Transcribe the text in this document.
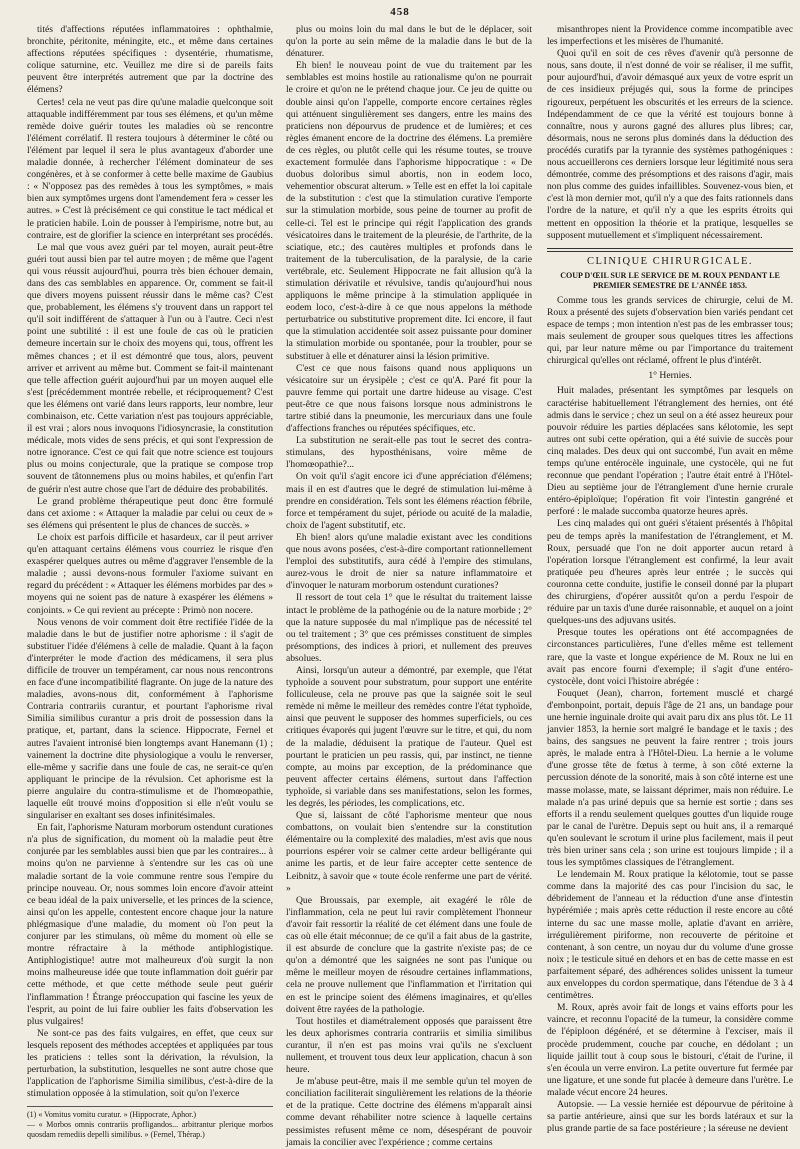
458

tités d'affections réputées inflammatoires : ophthalmie, bronchite, péritonite, méningite, etc., et même dans certaines affections réputées spécifiques : dysentérie, rhumatisme, colique saturnine, etc. Veuillez me dire si de pareils faits peuvent être interprétés autrement que par la doctrine des élémens?

Certes! cela ne veut pas dire qu'une maladie quelconque soit attaquable indifféremment par tous ses élémens, et qu'un même remède doive guérir toutes les maladies où se rencontre l'élément corrélatif. Il restera toujours à déterminer le côté ou l'élément par lequel il sera le plus avantageux d'aborder une maladie donnée, à rechercher l'élément dominateur de ses congénères, et à se conformer à cette belle maxime de Gaubius : « N'opposez pas des remèdes à tous les symptômes, » mais bien aux symptômes urgens dont l'amendement fera » cesser les autres. » C'est là précisément ce qui constitue le tact médical et le praticien habile. Loin de pousser à l'empirisme, notre but, au contraire, est de glorifier la science en interprétant ses procédés.

Le mal que vous avez guéri par tel moyen, aurait peut-être guéri tout aussi bien par tel autre moyen ; de même que l'agent qui vous réussit aujourd'hui, pourra très bien échouer demain, dans des cas semblables en apparence. Or, comment se fait-il que divers moyens puissent réussir dans le même cas? C'est que, probablement, les élémens s'y trouvent dans un rapport tel qu'il soit indifférent de s'attaquer à l'un ou à l'autre. Ceci n'est point une subtilité : il est une foule de cas où le praticien demeure incertain sur le choix des moyens qui, tous, offrent les mêmes chances ; et il est démontré que tous, alors, peuvent arriver et arrivent au même but. Comment se fait-il maintenant que telle affection guérit aujourd'hui par un moyen auquel elle s'est [précédemment montrée rebelle, et réciproquement? C'est que les élémens ont varié dans leurs rapports, leur nombre, leur combinaison, etc. Cette variation n'est pas toujours appréciable, il est vrai ; alors nous invoquons l'idiosyncrasie, la constitution médicale, mots vides de sens précis, et qui sont l'expression de notre ignorance. C'est ce qui fait que notre science est toujours plus ou moins conjecturale, que la pratique se compose trop souvent de tâtonnemens plus ou moins habiles, et qu'enfin l'art de guérir n'est autre chose que l'art de déduire des probabilités.

Le grand problème thérapeutique peut donc être formulé dans cet axiome : « Attaquer la maladie par celui ou ceux de » ses élémens qui présentent le plus de chances de succès. »

Le choix est parfois difficile et hasardeux, car il peut arriver qu'en attaquant certains élémens vous courriez le risque d'en exaspérer quelques autres ou même d'aggraver l'ensemble de la maladie ; aussi devons-nous formuler l'axiome suivant en regard du précédent : « Attaquer les élémens morbides par des » moyens qui ne soient pas de nature à exaspérer les élémens » conjoints. » Ce qui revient au précepte : Primò non nocere.

Nous venons de voir comment doit être rectifiée l'idée de la maladie dans le but de justifier notre aphorisme : il s'agit de substituer l'idée d'élémens à celle de maladie. Quant à la façon d'interpréter le mode d'action des médicamens, il sera plus difficile de trouver un tempérament, car nous nous rencontrons en face d'une incompatibilité flagrante. On juge de la nature des maladies, avons-nous dit, conformément à l'aphorisme Contraria contrariis curantur, et pourtant l'aphorisme rival Similia similibus curantur a pris droit de possession dans la pratique, et, partant, dans la science. Hippocrate, Fernel et autres l'avaient intronisé bien longtemps avant Hanemann (1) ; vainement la doctrine dite physiologique a voulu le renverser, elle-même y sacrifie dans une foule de cas, ne serait-ce qu'en appliquant le principe de la révulsion. Cet aphorisme est la pierre angulaire du contra-stimulisme et de l'homœopathie, laquelle eût trouvé moins d'opposition si elle n'eût voulu se singulariser en exaltant ses doses infinitésimales.

En fait, l'aphorisme Naturam morborum ostendunt curationes n'a plus de signification, du moment où la maladie peut être conjurée par les semblables aussi bien que par les contraires... à moins qu'on ne parvienne à s'entendre sur les cas où une maladie sortant de la voie commune rentre sous l'empire du principe nouveau. Or, nous sommes loin encore d'avoir atteint ce beau idéal de la paix universelle, et les princes de la science, ainsi qu'on les appelle, contestent encore chaque jour la nature phlégmasique d'une maladie, du moment où l'on peut la conjurer par les stimulans, où même du moment où elle se montre réfractaire à la méthode antiphlogistique. Antiphlogistique! autre mot malheureux d'où surgit la non moins malheureuse idée que toute inflammation doit guérir par cette méthode, et que cette méthode seule peut guérir l'inflammation ! Étrange préoccupation qui fascine les yeux de l'esprit, au point de lui faire oublier les faits d'observation les plus vulgaires!

Ne sont-ce pas des faits vulgaires, en effet, que ceux sur lesquels reposent des méthodes acceptées et appliquées par tous les praticiens : telles sont la dérivation, la révulsion, la perturbation, la substitution, lesquelles ne sont autre chose que l'application de l'aphorisme Similia similibus, c'est-à-dire de la stimulation opposée à la stimulation, soit qu'on l'exerce

(1) « Vomitus vomitu curatur. » (Hippocrate, Aphor.)
— « Morbos omnis contrariis profligandos... arbitrantur plerique morbos quosdam remediis depelli similibus. » (Fernel, Thérap.)

plus ou moins loin du mal dans le but de le déplacer, soit qu'on la porte au sein même de la maladie dans le but de la dénaturer.

Eh bien! le nouveau point de vue du traitement par les semblables est moins hostile au rationalisme qu'on ne pourrait le croire et qu'on ne le prétend chaque jour. Ce jeu de quitte ou double ainsi qu'on l'appelle, comporte encore certaines règles qui atténuent singulièrement ses dangers, entre les mains des praticiens non dépourvus de prudence et de lumières; et ces règles émanent encore de la doctrine des élémens. La première de ces règles, ou plutôt celle qui les résume toutes, se trouve exactement formulée dans l'aphorisme hippocratique : « De duobus doloribus simul abortis, non in eodem loco, vehementior obscurat alterum. » Telle est en effet la loi capitale de la substitution : c'est que la stimulation curative l'emporte sur la stimulation morbide, sous peine de tourner au profit de celle-ci. Tel est le principe qui régit l'application des grands vésicatoires dans le traitement de la pleurésie, de l'arthrite, de la sciatique, etc.; des cautères multiples et profonds dans le traitement de la tuberculisation, de la paralysie, de la carie vertébrale, etc. Seulement Hippocrate ne fait allusion qu'à la stimulation dérivatile et révulsive, tandis qu'aujourd'hui nous appliquons le même principe à la stimulation appliquée in eodem loco, c'est-à-dire à ce que nous appelons la méthode perturbatrice ou substitutive proprement dite. Ici encore, il faut que la stimulation accidentée soit assez puissante pour dominer la stimulation morbide ou spontanée, pour la troubler, pour se substituer à elle et dénaturer ainsi la lésion primitive.

C'est ce que nous faisons quand nous appliquons un vésicatoire sur un érysipèle ; c'est ce qu'A. Paré fit pour la pauvre femme qui portait une dartre hideuse au visage. C'est peut-être ce que nous faisons lorsque nous administrons le tartre stibié dans la pneumonie, les mercuriaux dans une foule d'affections franches ou réputées spécifiques, etc.

La substitution ne serait-elle pas tout le secret des contra-stimulans, des hyposthénisans, voire même de l'homœopathie?...

On voit qu'il s'agit encore ici d'une appréciation d'élémens; mais il en est d'autres que le degré de stimulation lui-même à prendre en considération. Tels sont les élémens réaction fébrile, force et tempérament du sujet, période ou acuité de la maladie, choix de l'agent substitutif, etc.

Eh bien! alors qu'une maladie existant avec les conditions que nous avons posées, c'est-à-dire comportant rationnellement l'emploi des substitutifs, aura cédé à l'empire des stimulans, aurez-vous le droit de nier sa nature inflammatoire et d'invoquer le naturam morborum ostendunt curationes?

Il ressort de tout cela 1° que le résultat du traitement laisse intact le problème de la pathogénie ou de la nature morbide ; 2° que la nature supposée du mal n'implique pas de nécessité tel ou tel traitement ; 3° que ces prémisses constituent de simples présomptions, des indices à priori, et nullement des preuves absolues.

Ainsi, lorsqu'un auteur a démontré, par exemple, que l'état typhoïde a souvent pour substratum, pour support une entérite folliculeuse, cela ne prouve pas que la saignée soit le seul remède ni même le meilleur des remèdes contre l'état typhoïde, ainsi que peuvent le supposer des hommes superficiels, ou ces critiques évaporés qui jugent l'œuvre sur le titre, et qui, du nom de la maladie, déduisent la pratique de l'auteur. Quel est pourtant le praticien un peu rassis, qui, par instinct, ne tienne compte, au moins par exception, de la prédominance que peuvent affecter certains élémens, surtout dans l'affection typhoïde, si variable dans ses manifestations, selon les formes, les degrés, les périodes, les complications, etc.

Que si, laissant de côté l'aphorisme menteur que nous combattons, on voulait bien s'entendre sur la constitution élémentaire ou la complexité des maladies, m'est avis que nous pourrions espérer voir se calmer cette ardeur belligérante qui anime les partis, et de leur faire accepter cette sentence de Leibnitz, à savoir que « toute école renferme une part de vérité. »

Que Broussais, par exemple, ait exagéré le rôle de l'inflammation, cela ne peut lui ravir complètement l'honneur d'avoir fait ressortir la réalité de cet élément dans une foule de cas où elle était méconnue; de ce qu'il a fait abus de la gastrite, il est absurde de conclure que la gastrite n'existe pas; de ce qu'on a démontré que les saignées ne sont pas l'unique ou même le meilleur moyen de résoudre certaines inflammations, cela ne prouve nullement que l'inflammation et l'irritation qui en est le principe soient des élémens imaginaires, et qu'elles doivent être rayées de la pathologie.

Tout hostiles et diamétralement opposés que paraissent être les deux aphorismes contraria contrariis et similia similibus curantur, il n'en est pas moins vrai qu'ils ne s'excluent nullement, et trouvent tous deux leur application, chacun à son heure.

Je m'abuse peut-être, mais il me semble qu'un tel moyen de conciliation faciliterait singulièrement les relations de la théorie et de la pratique. Cette doctrine des élémens m'apparaît ainsi comme devant réhabiliter notre science à laquelle certains pessimistes refusent même ce nom, désespérant de pouvoir jamais la concilier avec l'expérience ; comme certains

misanthropes nient la Providence comme incompatible avec les imperfections et les misères de l'humanité.

Quoi qu'il en soit de ces rêves d'avenir qu'à personne de nous, sans doute, il n'est donné de voir se réaliser, il me suffit, pour aujourd'hui, d'avoir démasqué aux yeux de votre esprit un de ces insidieux préjugés qui, sous la forme de principes rigoureux, perpétuent les obscurités et les erreurs de la science. Indépendamment de ce que la vérité est toujours bonne à connaître, nous y aurons gagné des allures plus libres; car, désormais, nous ne serons plus dominés dans la déduction des procédés curatifs par la tyrannie des systèmes pathogéniques : nous accueillerons ces derniers lorsque leur légitimité nous sera démontrée, comme des présomptions et des raisons d'agir, mais non plus comme des guides infaillibles. Souvenez-vous bien, et c'est là mon dernier mot, qu'il n'y a que des faits rationnels dans l'ordre de la nature, et qu'il n'y a que les esprits étroits qui mettent en opposition la théorie et la pratique, lesquelles se supposent mutuellement et s'impliquent nécessairement.

CLINIQUE CHIRURGICALE.
COUP D'ŒIL SUR LE SERVICE DE M. ROUX PENDANT LE PREMIER SEMESTRE DE L'ANNÉE 1853.

Comme tous les grands services de chirurgie, celui de M. Roux a présenté des sujets d'observation bien variés pendant cet espace de temps ; mon intention n'est pas de les embrasser tous; mais seulement de grouper sous quelques titres les affections qui, par leur nature même ou par l'importance du traitement chirurgical qu'elles ont réclamé, offrent le plus d'intérêt.

1° Hernies.

Huit malades, présentant les symptômes par lesquels on caractérise habituellement l'étranglement des hernies, ont été admis dans le service ; chez un seul on a été assez heureux pour pouvoir réduire les parties déplacées sans kélotomie, les sept autres ont subi cette opération, qui a été suivie de succès pour cinq malades. Des deux qui ont succombé, l'un avait en même temps qu'une entérocèle inguinale, une cystocèle, qui ne fut reconnue que pendant l'opération ; l'autre était entré à l'Hôtel-Dieu au septième jour de l'étranglement d'une hernie crurale entéro-épiploïque; l'opération fit voir l'intestin gangréné et perforé : le malade succomba quatorze heures après.

Les cinq malades qui ont guéri s'étaient présentés à l'hôpital peu de temps après la manifestation de l'étranglement, et M. Roux, persuadé que l'on ne doit apporter aucun retard à l'opération lorsque l'étranglement est confirmé, la leur avait pratiquée peu d'heures après leur entrée ; le succès qui couronna cette conduite, justifie le conseil donné par la plupart des chirurgiens, d'opérer aussitôt qu'on a perdu l'espoir de réduire par un taxis d'une durée raisonnable, et auquel on a joint quelques-uns des adjuvans usités.

Presque toutes les opérations ont été accompagnées de circonstances particulières, l'une d'elles même est tellement rare, que la vaste et longue expérience de M. Roux ne lui en avait pas encore fourni d'exemple; il s'agit d'une entéro-cystocèle, dont voici l'histoire abrégée :

Fouquet (Jean), charron, fortement musclé et chargé d'embonpoint, portait, depuis l'âge de 21 ans, un bandage pour une hernie inguinale droite qui avait paru dix ans plus tôt. Le 11 janvier 1853, la hernie sort malgré le bandage et le taxis ; des bains, des sangsues ne peuvent la faire rentrer ; trois jours après, le malade entra à l'Hôtel-Dieu. La hernie a le volume d'une grosse tête de fœtus à terme, à son côté externe la percussion dénote de la sonorité, mais à son côté interne est une masse molasse, mate, se laissant déprimer, mais non réduire. Le malade n'a pas uriné depuis que sa hernie est sortie ; dans ses efforts il a rendu seulement quelques gouttes d'un liquide rouge par le canal de l'urètre. Depuis sept ou huit ans, il a remarqué qu'en soulevant le scrotum il urine plus facilement, mais il peut très bien uriner sans cela ; son urine est toujours limpide ; il a tous les symptômes classiques de l'étranglement.

Le lendemain M. Roux pratique la kélotomie, tout se passe comme dans la majorité des cas pour l'incision du sac, le débridement de l'anneau et la réduction d'une anse d'intestin hypérémiée ; mais après cette réduction il reste encore au côté interne du sac une masse molle, aplatie d'avant en arrière, irrégulièrement piriforme, non recouverte de péritoine et contenant, à son centre, un noyau dur du volume d'une grosse noix ; le testicule situé en dehors et en bas de cette masse en est parfaitement séparé, des adhérences solides unissent la tumeur aux enveloppes du cordon spermatique, dans l'étendue de 3 à 4 centimètres.

M. Roux, après avoir fait de longs et vains efforts pour les vaincre, et reconnu l'opacité de la tumeur, la considère comme de l'épiploon dégénéré, et se détermine à l'exciser, mais il procède prudemment, couche par couche, en dédolant ; un liquide jaillit tout à coup sous le bistouri, c'était de l'urine, il s'en écoula un verre environ. La petite ouverture fut fermée par une ligature, et une sonde fut placée à demeure dans l'urètre. Le malade vécut encore 24 heures.

Autopsie. — La vessie herniée est dépourvue de péritoine à sa partie antérieure, ainsi que sur les bords latéraux et sur la plus grande partie de sa face postérieure ; la séreuse ne devient
